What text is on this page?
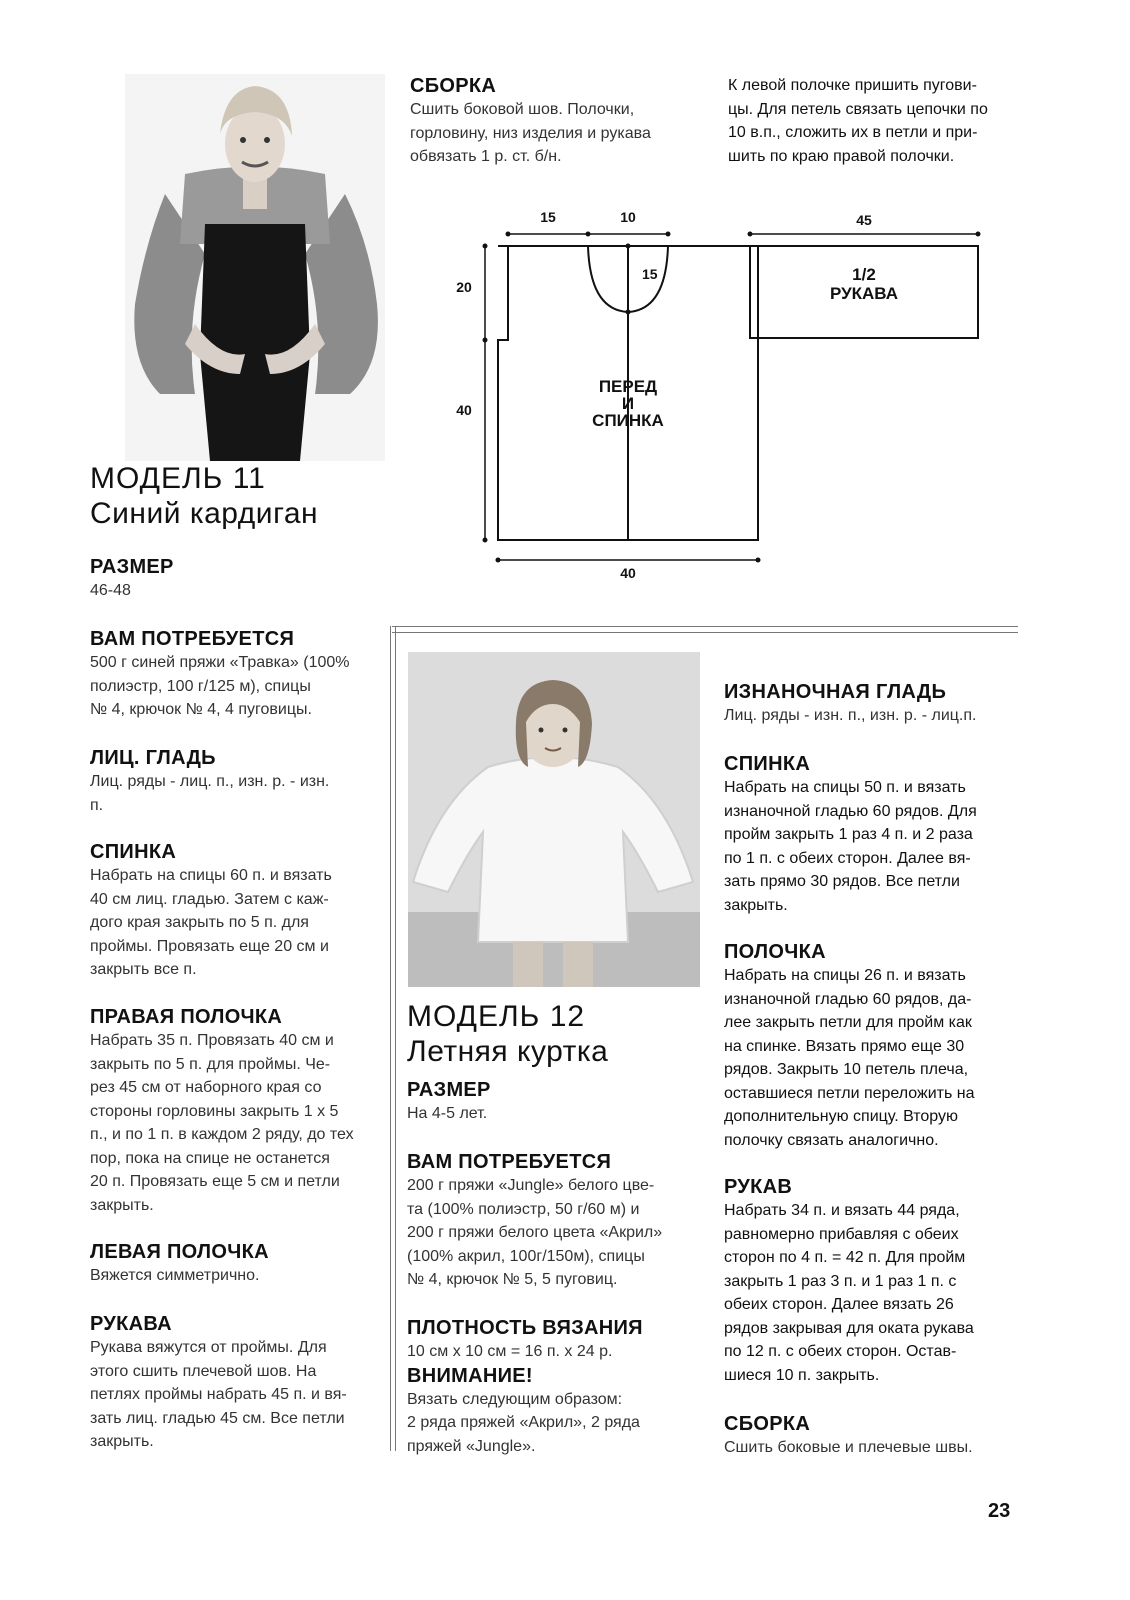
МОДЕЛЬ 11
Синий кардиган
РАЗМЕР
46-48
ВАМ ПОТРЕБУЕТСЯ
500 г синей пряжи «Травка» (100%
полиэстр, 100 г/125 м), спицы
№ 4, крючок № 4, 4 пуговицы.
ЛИЦ. ГЛАДЬ
Лиц. ряды - лиц. п., изн. р. - изн.
п.
СПИНКА
Набрать на спицы 60 п. и вязать
40 см лиц. гладью. Затем с каж-
дого края закрыть по 5 п. для
проймы. Провязать еще 20 см и
закрыть все п.
ПРАВАЯ ПОЛОЧКА
Набрать 35 п. Провязать 40 см и
закрыть по 5 п. для проймы. Че-
рез 45 см от наборного края со
стороны горловины закрыть 1 х 5
п., и по 1 п. в каждом 2 ряду, до тех
пор, пока на спице не останется
20 п. Провязать еще 5 см и петли
закрыть.
ЛЕВАЯ ПОЛОЧКА
Вяжется симметрично.
РУКАВА
Рукава вяжутся от проймы. Для
этого сшить плечевой шов. На
петлях проймы набрать 45 п. и вя-
зать лиц. гладью 45 см. Все петли
закрыть.
СБОРКА
Сшить боковой шов. Полочки,
горловину, низ изделия и рукава
обвязать 1 р. ст. б/н.
К левой полочке пришить пугови-
цы. Для петель связать цепочки по
10 в.п., сложить их в петли и при-
шить по краю правой полочки.
15	10
15
45
20
40
40
1/2
РУКАВА
ПЕРЕД
И
СПИНКА
МОДЕЛЬ 12
Летняя куртка
РАЗМЕР
На 4-5 лет.
ВАМ ПОТРЕБУЕТСЯ
200 г пряжи «Jungle» белого цве-
та (100% полиэстр, 50 г/60 м) и
200 г пряжи белого цвета «Акрил»
(100% акрил, 100г/150м), спицы
№ 4, крючок № 5, 5 пуговиц.
ПЛОТНОСТЬ ВЯЗАНИЯ
10 см х 10 см = 16 п. х 24 р.
ВНИМАНИЕ!
Вязать следующим образом:
2 ряда пряжей «Акрил», 2 ряда
пряжей «Jungle».
ИЗНАНОЧНАЯ ГЛАДЬ
Лиц. ряды - изн. п., изн. р. - лиц.п.
СПИНКА
Набрать на спицы 50 п. и вязать
изнаночной гладью 60 рядов. Для
пройм закрыть 1 раз 4 п. и 2 раза
по 1 п. с обеих сторон. Далее вя-
зать прямо 30 рядов. Все петли
закрыть.
ПОЛОЧКА
Набрать на спицы 26 п. и вязать
изнаночной гладью 60 рядов, да-
лее закрыть петли для пройм как
на спинке. Вязать прямо еще 30
рядов. Закрыть 10 петель плеча,
оставшиеся петли переложить на
дополнительную спицу. Вторую
полочку связать аналогично.
РУКАВ
Набрать 34 п. и вязать 44 ряда,
равномерно прибавляя с обеих
сторон по 4 п. = 42 п. Для пройм
закрыть 1 раз 3 п. и 1 раз 1 п. с
обеих сторон. Далее вязать 26
рядов закрывая для оката рукава
по 12 п. с обеих сторон. Остав-
шиеся 10 п. закрыть.
СБОРКА
Сшить боковые и плечевые швы.
23
